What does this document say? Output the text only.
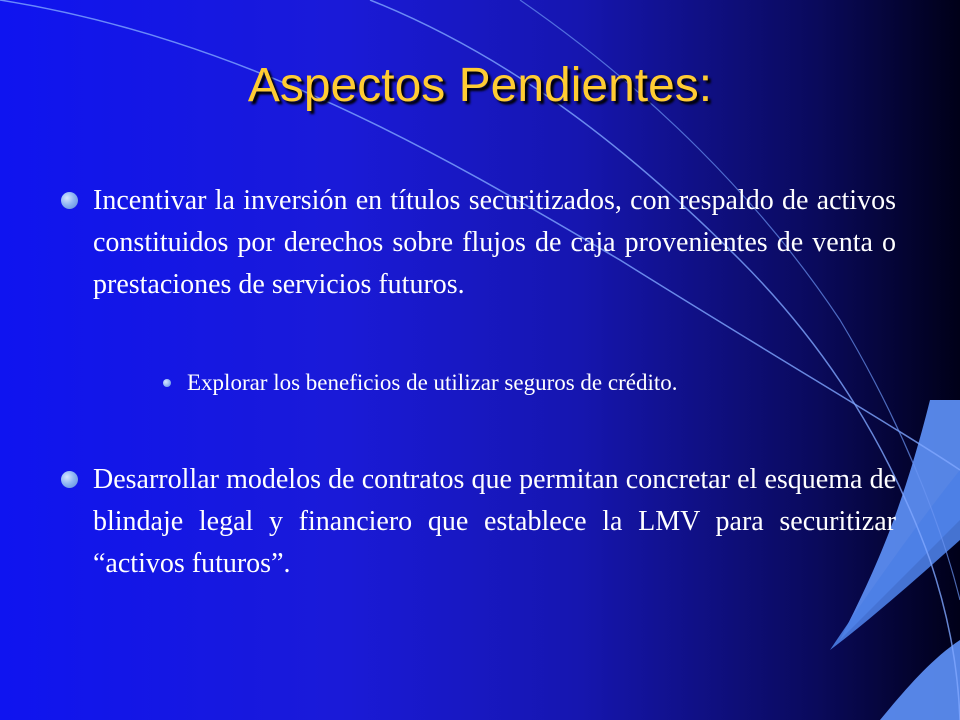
Aspectos Pendientes:

Incentivar la inversión en títulos securitizados, con respaldo de activos constituidos por derechos sobre flujos de caja provenientes de venta o prestaciones de servicios futuros.

Explorar los beneficios de utilizar seguros de crédito.

Desarrollar modelos de contratos que permitan concretar el esquema de blindaje legal y financiero que establece la LMV para securitizar “activos futuros”.
